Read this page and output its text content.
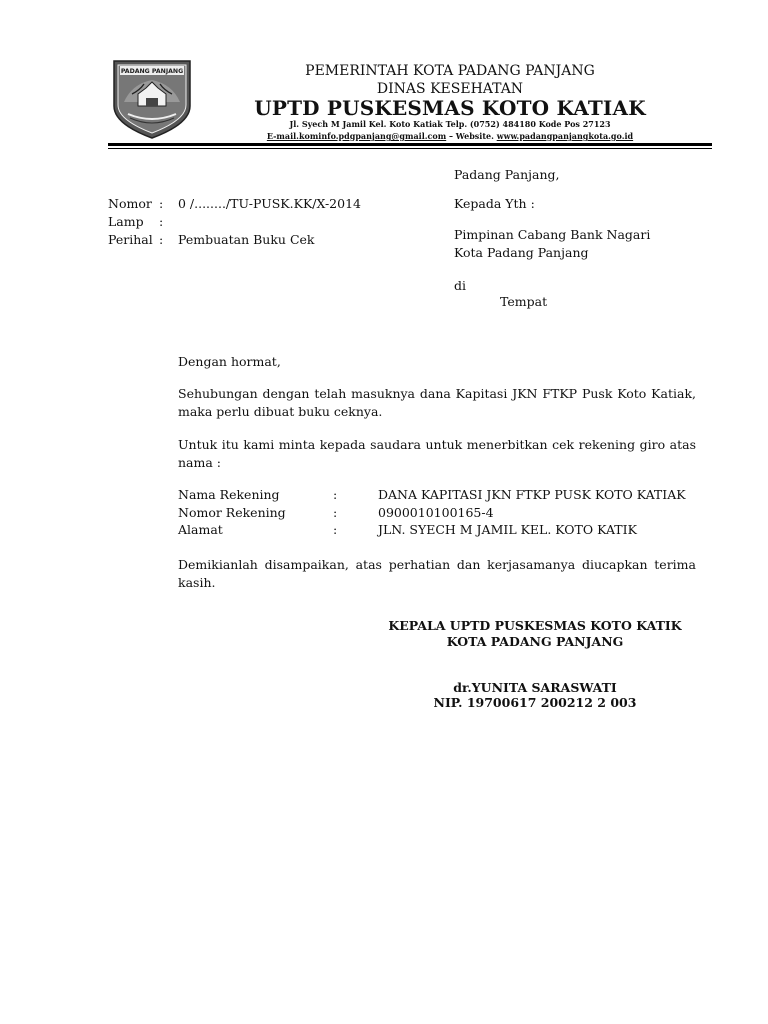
PADANG PANJANG	PEMERINTAH KOTA PADANG PANJANG
DINAS KESEHATAN
UPTD PUSKESMAS KOTO KATIAK
Jl. Syech M Jamil Kel. Koto Katiak Telp. (0752) 484180 Kode Pos 27123
E-mail.kominfo.pdgpanjang@gmail.com – Website. www.padangpanjangkota.go.id
Padang Panjang,
Nomor : 0 /......../TU-PUSK.KK/X-2014
Lamp :
Perihal : Pembuatan Buku Cek
Kepada Yth :
Pimpinan Cabang Bank Nagari
Kota Padang Panjang
di
Tempat
Dengan hormat,
Sehubungan dengan telah masuknya dana Kapitasi JKN FTKP Pusk Koto Katiak, maka perlu dibuat buku ceknya.
Untuk itu kami minta kepada saudara untuk menerbitkan cek rekening giro atas nama :
Nama Rekening	:	DANA KAPITASI JKN FTKP PUSK KOTO KATIAK
Nomor Rekening	:	0900010100165-4
Alamat	:	JLN. SYECH M JAMIL KEL. KOTO KATIK
Demikianlah disampaikan, atas perhatian dan kerjasamanya diucapkan terima kasih.
KEPALA UPTD PUSKESMAS KOTO KATIK
KOTA PADANG PANJANG
dr.YUNITA SARASWATI
NIP. 19700617 200212 2 003
